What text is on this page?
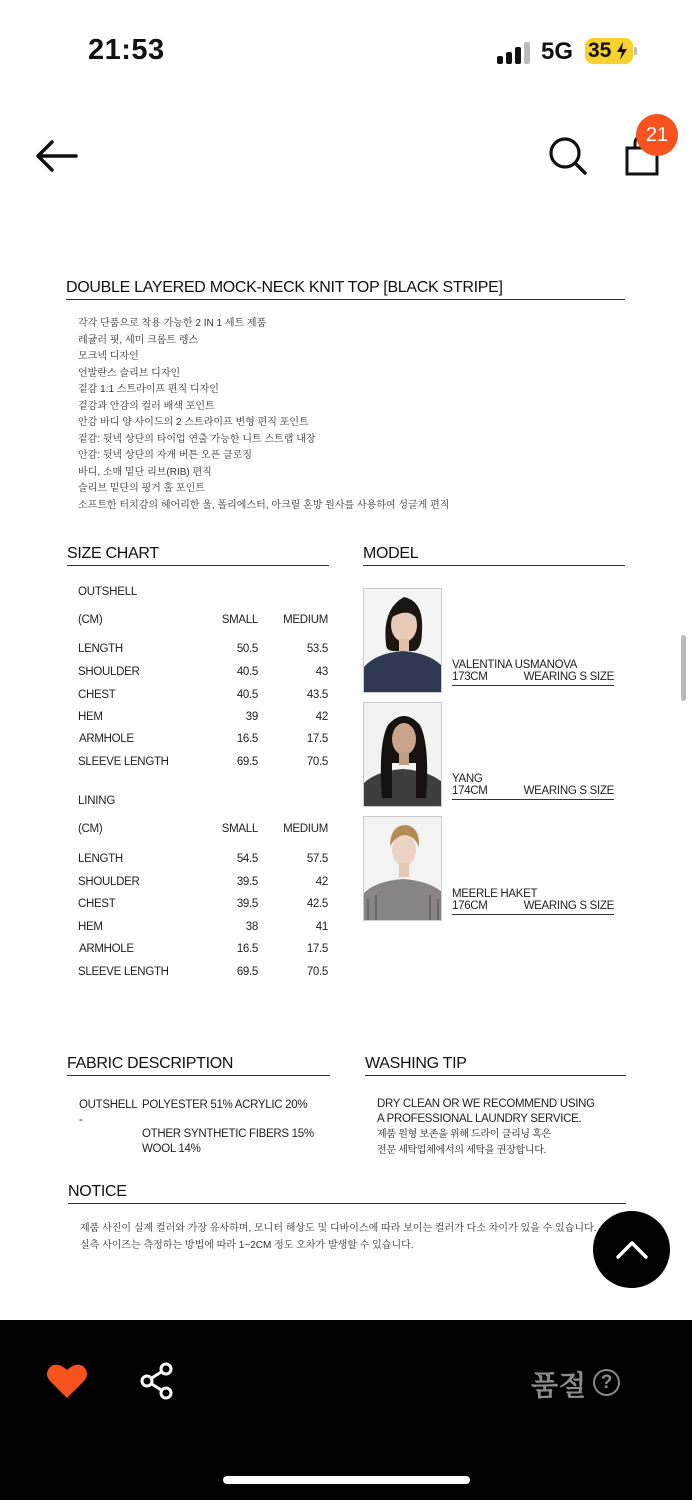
21:53	5G 35
21
DOUBLE LAYERED MOCK-NECK KNIT TOP [BLACK STRIPE]
각각 단품으로 착용 가능한 2 IN 1 세트 제품
레귤러 핏, 세미 크롭트 렝스
모크넥 디자인
언발란스 슬리브 디자인
겉감 1:1 스트라이프 편직 디자인
겉감과 안감의 컬러 배색 포인트
안감 바디 양 사이드의 2 스트라이프 변형 편직 포인트
겉감: 뒷넥 상단의 타이업 연출 가능한 니트 스트랩 내장
안감: 뒷넥 상단의 자개 버튼 오픈 클로징
바디, 소매 밑단 리브(RIB) 편직
슬리브 밑단의 핑거 홀 포인트
소프트한 터치감의 헤어리한 울, 폴리에스터, 아크릴 혼방 원사를 사용하여 성글게 편직
SIZE CHART
OUTSHELL
(CM)	SMALL MEDIUM
LENGTH	50.5	53.5
SHOULDER	40.5	43
CHEST	40.5	43.5
HEM	39	42
ARMHOLE	16.5	17.5
SLEEVE LENGTH	69.5	70.5
LINING
(CM)	SMALL MEDIUM
LENGTH	54.5	57.5
SHOULDER	39.5	42
CHEST	39.5	42.5
HEM	38	41
ARMHOLE	16.5	17.5
SLEEVE LENGTH	69.5	70.5
MODEL
VALENTINA USMANOVA
173CM	WEARING S SIZE
YANG
174CM	WEARING S SIZE
MEERLE HAKET
176CM	WEARING S SIZE
FABRIC DESCRIPTION
OUTSHELL -
POLYESTER 51% ACRYLIC 20%
OTHER SYNTHETIC FIBERS 15%
WOOL 14%
WASHING TIP
DRY CLEAN OR WE RECOMMEND USING
A PROFESSIONAL LAUNDRY SERVICE.
제품 원형 보존을 위해 드라이 클리닝 혹은
전문 세탁업체에서의 세탁을 권장합니다.
NOTICE
제품 사진이 실제 컬러와 가장 유사하며, 모니터 해상도 및 디바이스에 따라 보이는 컬러가 다소 차이가 있을 수 있습니다.
실측 사이즈는 측정하는 방법에 따라 1~2CM 정도 오차가 발생할 수 있습니다.
품절 ?
